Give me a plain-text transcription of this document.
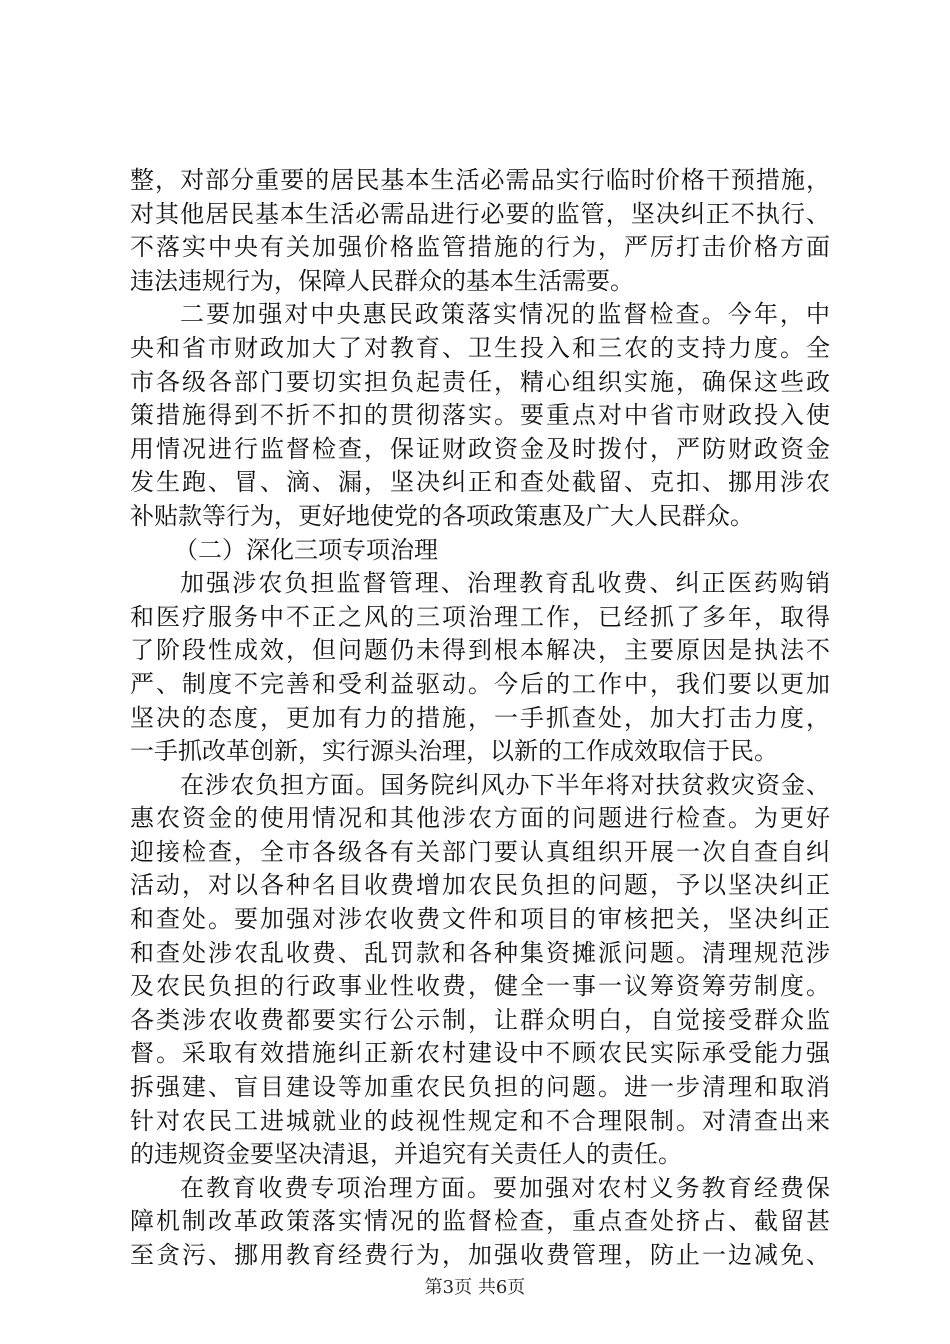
整，对部分重要的居民基本生活必需品实行临时价格干预措施，
对其他居民基本生活必需品进行必要的监管，坚决纠正不执行、
不落实中央有关加强价格监管措施的行为，严厉打击价格方面
违法违规行为，保障人民群众的基本生活需要。
二要加强对中央惠民政策落实情况的监督检查。今年，中
央和省市财政加大了对教育、卫生投入和三农的支持力度。全
市各级各部门要切实担负起责任，精心组织实施，确保这些政
策措施得到不折不扣的贯彻落实。要重点对中省市财政投入使
用情况进行监督检查，保证财政资金及时拨付，严防财政资金
发生跑、冒、滴、漏，坚决纠正和查处截留、克扣、挪用涉农
补贴款等行为，更好地使党的各项政策惠及广大人民群众。
（二）深化三项专项治理
加强涉农负担监督管理、治理教育乱收费、纠正医药购销
和医疗服务中不正之风的三项治理工作，已经抓了多年，取得
了阶段性成效，但问题仍未得到根本解决，主要原因是执法不
严、制度不完善和受利益驱动。今后的工作中，我们要以更加
坚决的态度，更加有力的措施，一手抓查处，加大打击力度，
一手抓改革创新，实行源头治理，以新的工作成效取信于民。
在涉农负担方面。国务院纠风办下半年将对扶贫救灾资金、
惠农资金的使用情况和其他涉农方面的问题进行检查。为更好
迎接检查，全市各级各有关部门要认真组织开展一次自查自纠
活动，对以各种名目收费增加农民负担的问题，予以坚决纠正
和查处。要加强对涉农收费文件和项目的审核把关，坚决纠正
和查处涉农乱收费、乱罚款和各种集资摊派问题。清理规范涉
及农民负担的行政事业性收费，健全一事一议筹资筹劳制度。
各类涉农收费都要实行公示制，让群众明白，自觉接受群众监
督。采取有效措施纠正新农村建设中不顾农民实际承受能力强
拆强建、盲目建设等加重农民负担的问题。进一步清理和取消
针对农民工进城就业的歧视性规定和不合理限制。对清查出来
的违规资金要坚决清退，并追究有关责任人的责任。
在教育收费专项治理方面。要加强对农村义务教育经费保
障机制改革政策落实情况的监督检查，重点查处挤占、截留甚
至贪污、挪用教育经费行为，加强收费管理，防止一边减免、
第3页 共6页
